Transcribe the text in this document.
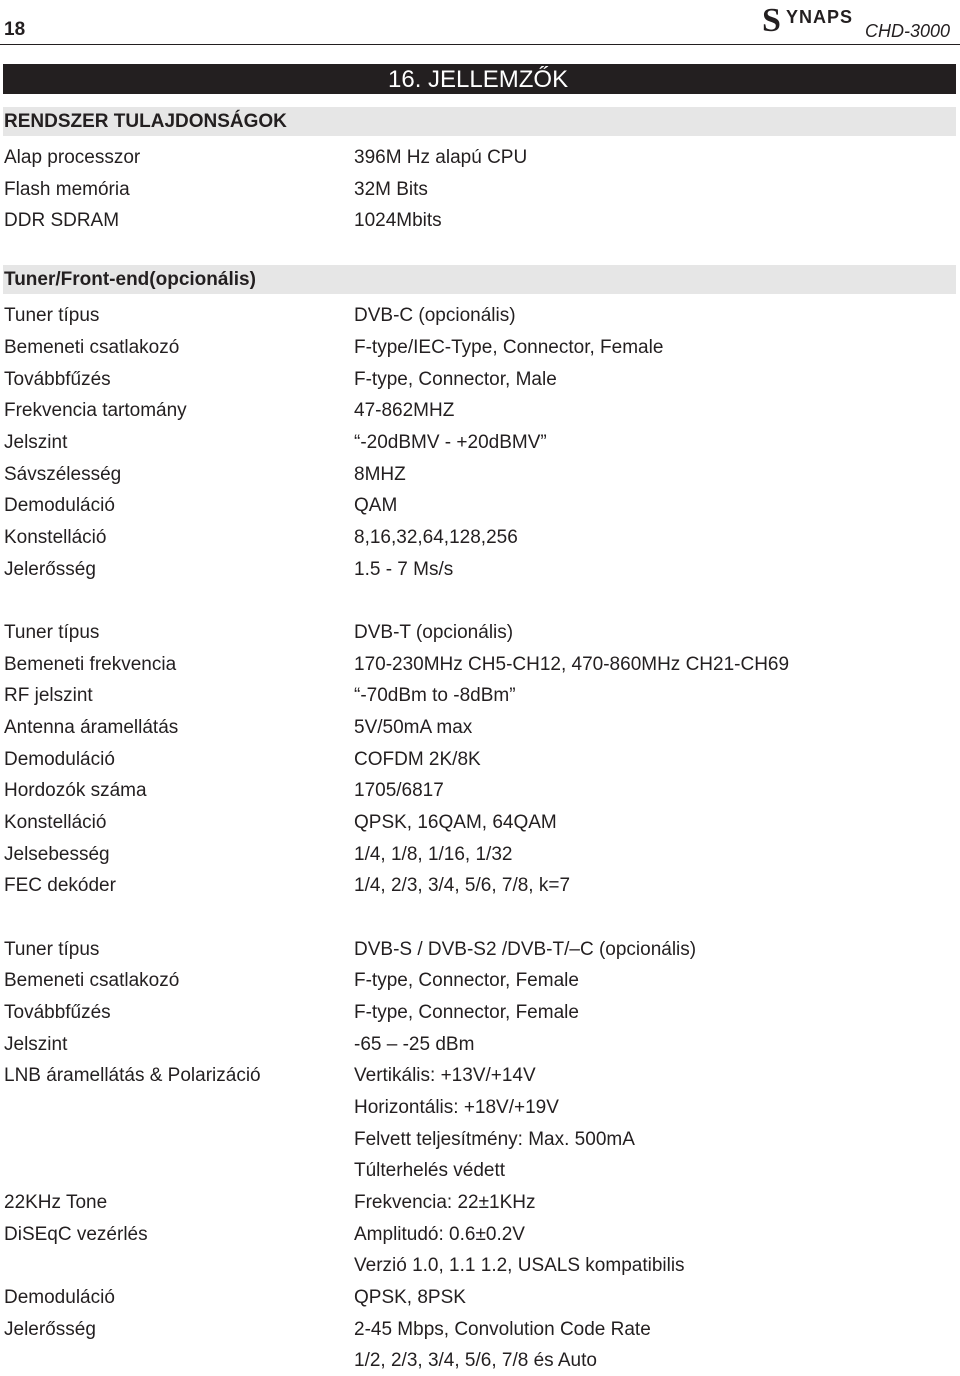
18	S YNAPS
CHD-3000
16. JELLEMZŐK
RENDSZER TULAJDONSÁGOK
Alap processzor	396M Hz alapú CPU
Flash memória	32M Bits
DDR SDRAM	1024Mbits
Tuner/Front-end(opcionális)
Tuner típus	DVB-C (opcionális)
Bemeneti csatlakozó	F-type/IEC-Type, Connector, Female
Továbbfűzés	F-type, Connector, Male
Frekvencia tartomány	47-862MHZ
Jelszint	“-20dBMV - +20dBMV”
Sávszélesség	8MHZ
Demoduláció	QAM
Konstelláció	8,16,32,64,128,256
Jelerősség	1.5 - 7 Ms/s
Tuner típus	DVB-T (opcionális)
Bemeneti frekvencia	170-230MHz CH5-CH12, 470-860MHz CH21-CH69
RF jelszint	“-70dBm to -8dBm”
Antenna áramellátás	5V/50mA max
Demoduláció	COFDM 2K/8K
Hordozók száma	1705/6817
Konstelláció	QPSK, 16QAM, 64QAM
Jelsebesség	1/4, 1/8, 1/16, 1/32
FEC dekóder	1/4, 2/3, 3/4, 5/6, 7/8, k=7
Tuner típus	DVB-S / DVB-S2 /DVB-T/–C (opcionális)
Bemeneti csatlakozó	F-type, Connector, Female
Továbbfűzés	F-type, Connector, Female
Jelszint	-65 – -25 dBm
LNB áramellátás & Polarizáció	Vertikális: +13V/+14V
Horizontális: +18V/+19V
Felvett teljesítmény: Max. 500mA
Túlterhelés védett
22KHz Tone	Frekvencia: 22±1KHz
DiSEqC vezérlés	Amplitudó: 0.6±0.2V
Verzió 1.0, 1.1 1.2, USALS kompatibilis
Demoduláció	QPSK, 8PSK
Jelerősség	2-45 Mbps, Convolution Code Rate
1/2, 2/3, 3/4, 5/6, 7/8 és Auto
